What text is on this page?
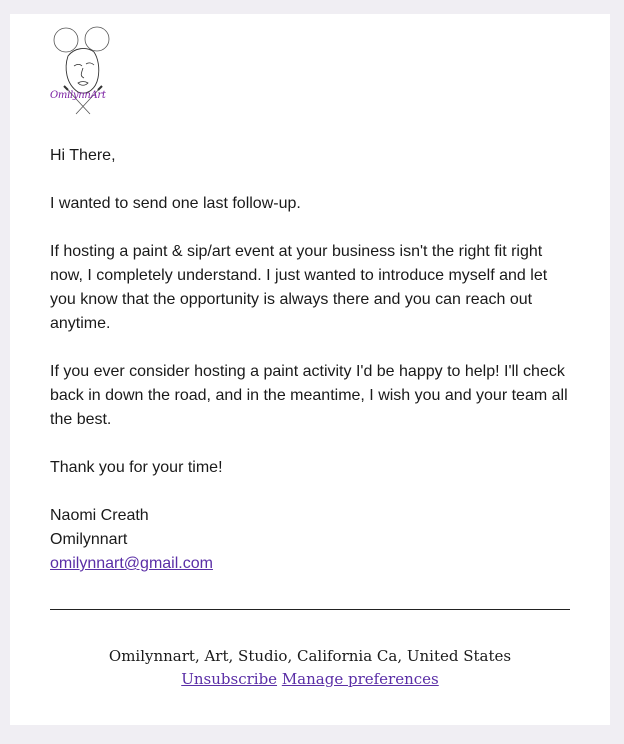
OmilynnArt

Hi There,

I wanted to send one last follow-up.

If hosting a paint & sip/art event at your business isn't the right fit right now, I completely understand. I just wanted to introduce myself and let you know that the opportunity is always there and you can reach out anytime.

If you ever consider hosting a paint activity I'd be happy to help! I'll check back in down the road, and in the meantime, I wish you and your team all the best.

Thank you for your time!

Naomi Creath
Omilynnart
omilynnart@gmail.com
Omilynnart, Art, Studio, California Ca, United States
Unsubscribe Manage preferences
